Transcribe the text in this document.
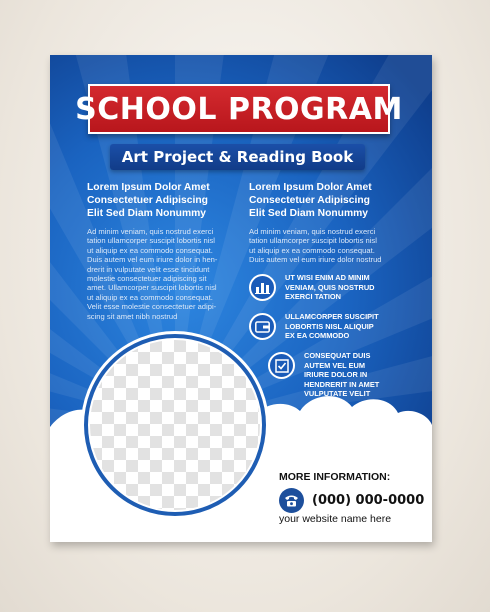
SCHOOL PROGRAM
Art Project & Reading Book
Lorem Ipsum Dolor Amet
Consectetuer Adipiscing
Elit Sed Diam Nonummy
Ad minim veniam, quis nostrud exerci
tation ullamcorper suscipit lobortis nisl
ut aliquip ex ea commodo consequat.
Duis autem vel eum iriure dolor in hen-
drerit in vulputate velit esse tincidunt
molestie consectetuer adipiscing sit
amet. Ullamcorper suscipit lobortis nisl
ut aliquip ex ea commodo consequat.
Velit esse molestie consectetuer adipi-
scing sit amet nibh nostrud
Lorem Ipsum Dolor Amet
Consectetuer Adipiscing
Elit Sed Diam Nonummy
Ad minim veniam, quis nostrud exerci
tation ullamcorper suscipit lobortis nisl
ut aliquip ex ea commodo consequat.
Duis autem vel eum iriure dolor nostrud
UT WISI ENIM AD MINIM
VENIAM, QUIS NOSTRUD
EXERCI TATION
ULLAMCORPER SUSCIPIT
LOBORTIS NISL ALIQUIP
EX EA COMMODO
CONSEQUAT DUIS
AUTEM VEL EUM
IRIURE DOLOR IN
HENDRERIT IN AMET
VULPUTATE VELIT
MORE INFORMATION:
(000) 000-0000
your website name here
